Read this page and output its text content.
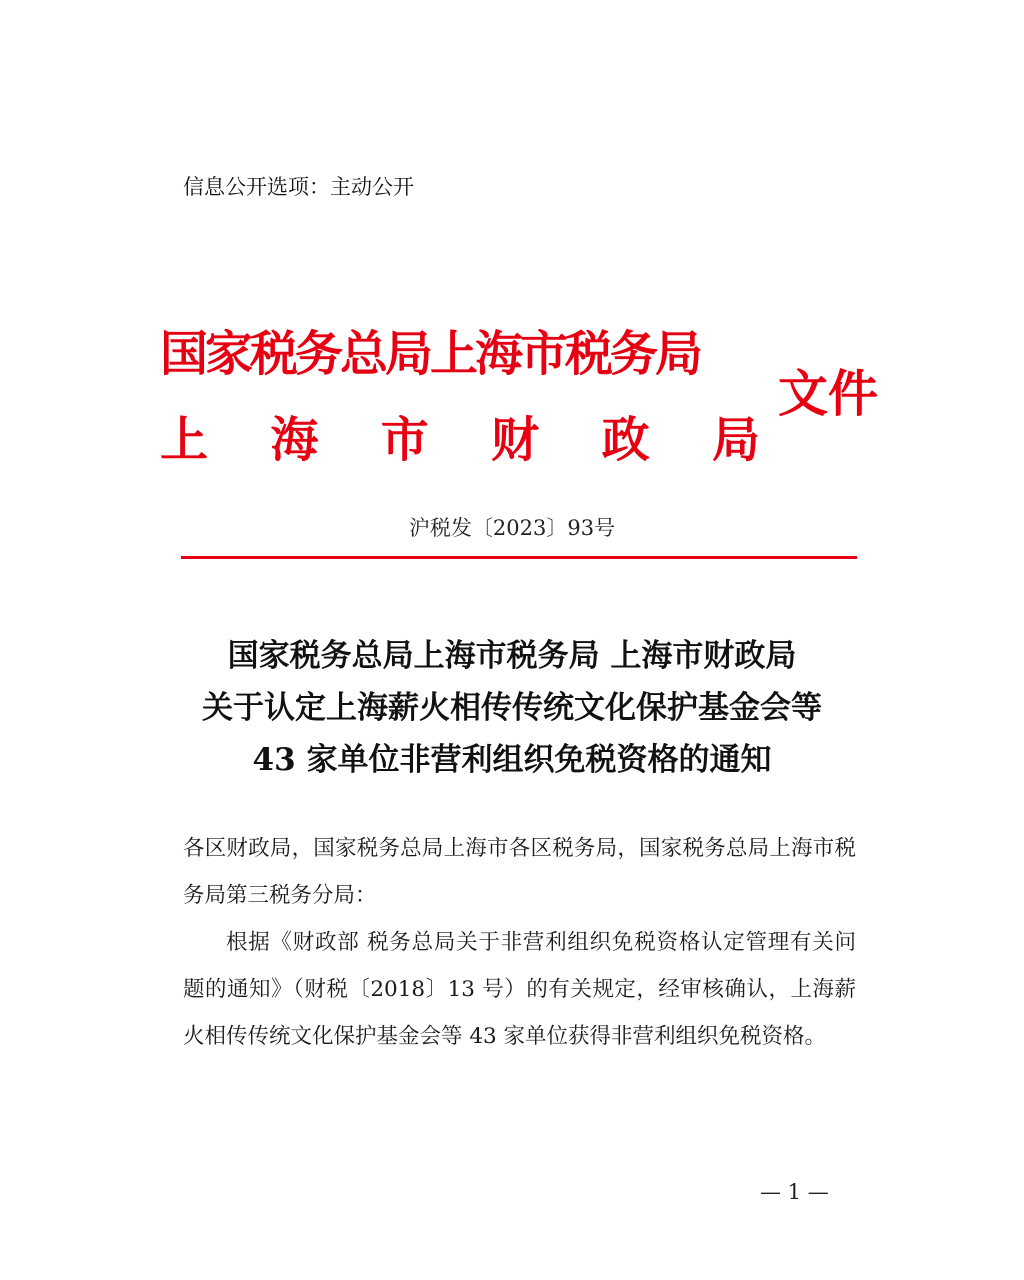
信息公开选项：主动公开
国家税务总局上海市税务局
上 海 市 财 政 局
文件
沪税发〔2023〕93号
国家税务总局上海市税务局 上海市财政局
关于认定上海薪火相传传统文化保护基金会等
43 家单位非营利组织免税资格的通知

各区财政局，国家税务总局上海市各区税务局，国家税务总局上海市税务局第三税务分局：

根据《财政部 税务总局关于非营利组织免税资格认定管理有关问题的通知》（财税〔2018〕13 号）的有关规定，经审核确认，上海薪火相传传统文化保护基金会等 43 家单位获得非营利组织免税资格。

— 1 —
